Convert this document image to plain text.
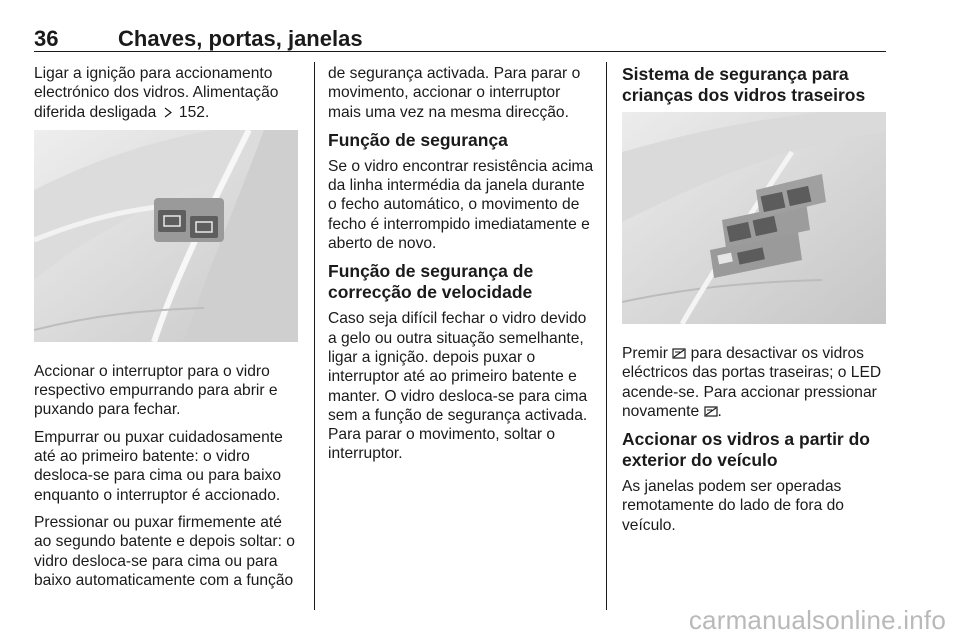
36	Chaves, portas, janelas

Ligar a ignição para accionamento electrónico dos vidros. Alimentação diferida desligada  152.

Accionar o interruptor para o vidro respectivo empurrando para abrir e puxando para fechar.

Empurrar ou puxar cuidadosamente até ao primeiro batente: o vidro desloca-se para cima ou para baixo enquanto o interruptor é accionado.

Pressionar ou puxar firmemente até ao segundo batente e depois soltar: o vidro desloca-se para cima ou para baixo automaticamente com a função

de segurança activada. Para parar o movimento, accionar o interruptor mais uma vez na mesma direcção.

Função de segurança

Se o vidro encontrar resistência acima da linha intermédia da janela durante o fecho automático, o movimento de fecho é interrompido imediatamente e aberto de novo.

Função de segurança de correcção de velocidade

Caso seja difícil fechar o vidro devido a gelo ou outra situação semelhante, ligar a ignição. depois puxar o interruptor até ao primeiro batente e manter. O vidro desloca-se para cima sem a função de segurança activada. Para parar o movimento, soltar o interruptor.

Sistema de segurança para crianças dos vidros traseiros

Premir  para desactivar os vidros eléctricos das portas traseiras; o LED acende-se. Para accionar pressionar novamente .

Accionar os vidros a partir do exterior do veículo

As janelas podem ser operadas remotamente do lado de fora do veículo.

carmanualsonline.info
